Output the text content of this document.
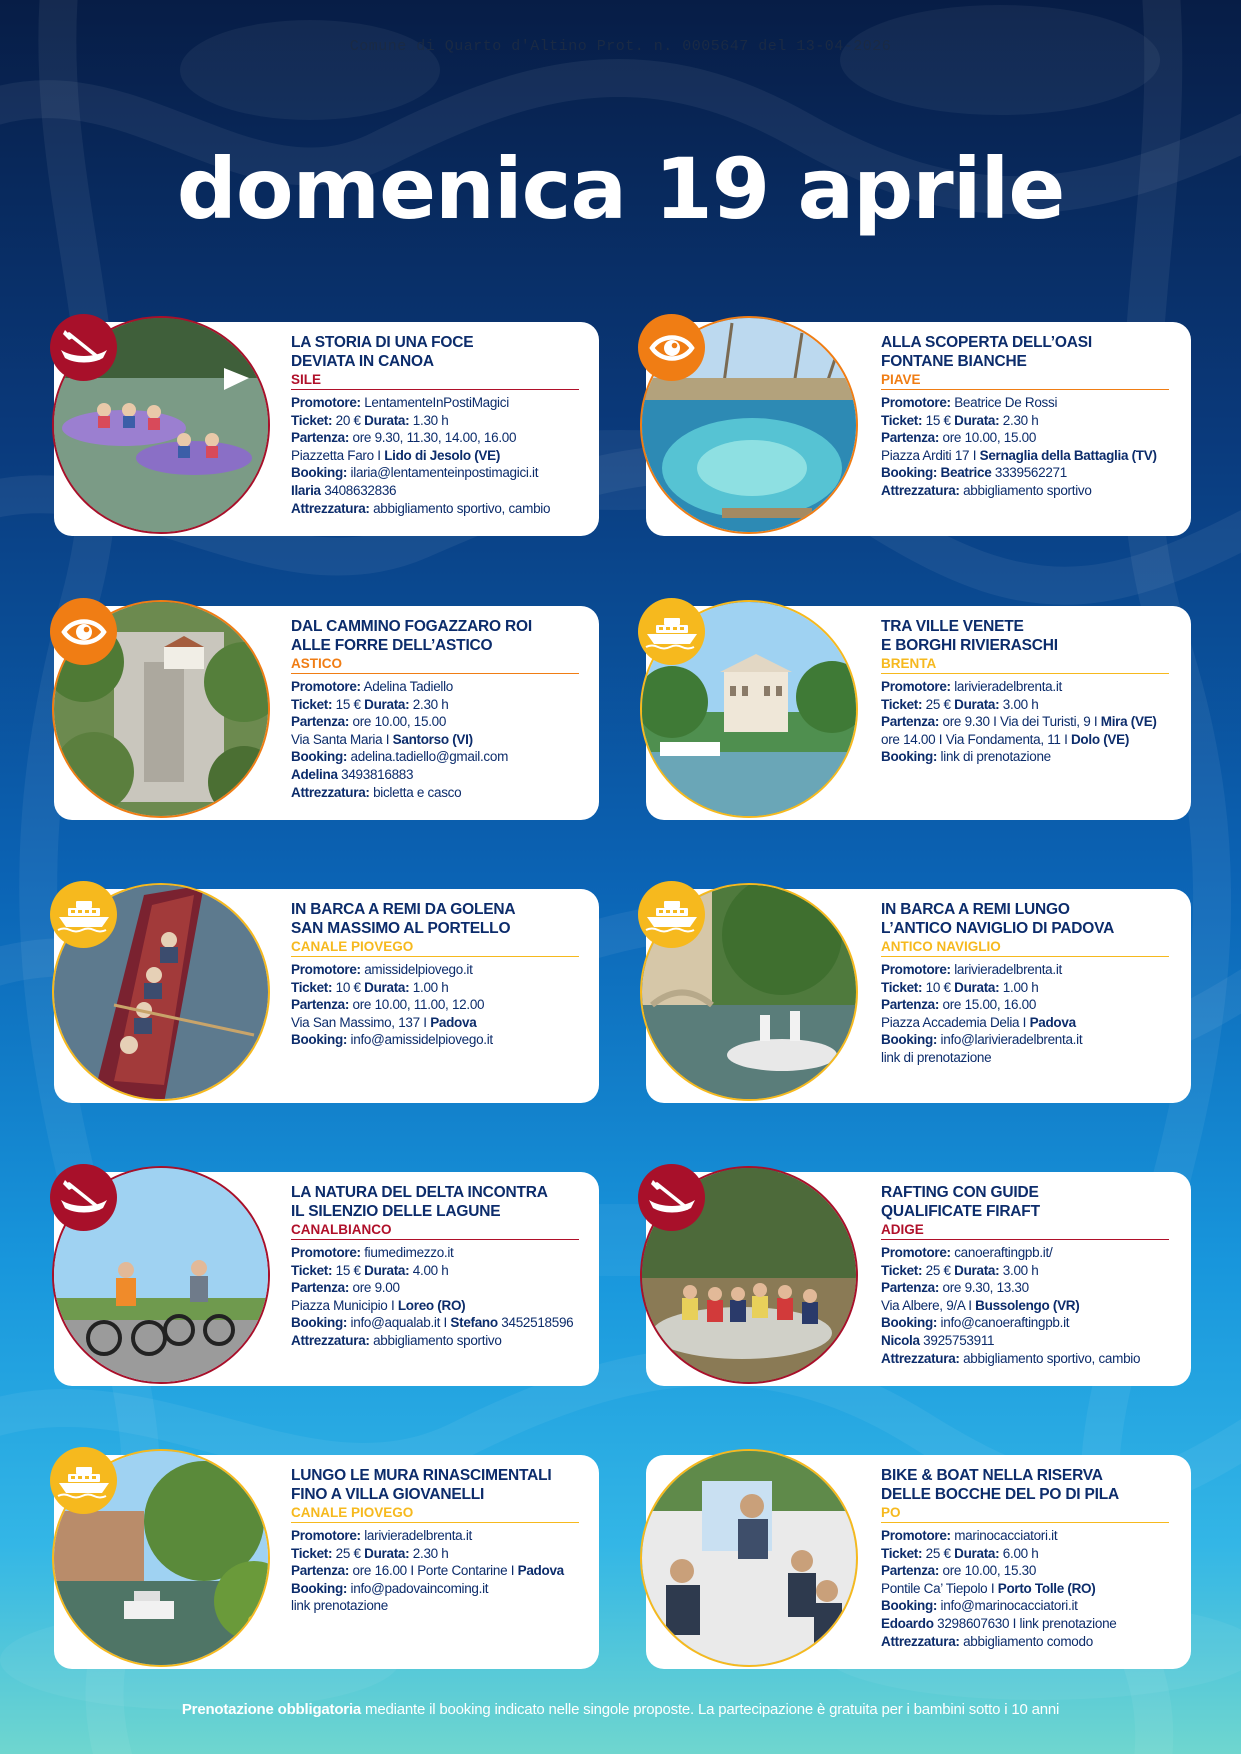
Comune di Quarto d'Altino Prot. n. 0005647 del 13-04-2026
domenica 19 aprile
LA STORIA DI UNA FOCE
DEVIATA IN CANOA
SILE
Promotore: LentamenteInPostiMagici
Ticket: 20 € Durata: 1.30 h
Partenza: ore 9.30, 11.30, 14.00, 16.00
Piazzetta Faro I Lido di Jesolo (VE)
Booking: ilaria@lentamenteinpostimagici.it
Ilaria 3408632836
Attrezzatura: abbigliamento sportivo, cambio
ALLA SCOPERTA DELL’OASI
FONTANE BIANCHE
PIAVE
Promotore: Beatrice De Rossi
Ticket: 15 € Durata: 2.30 h
Partenza: ore 10.00, 15.00
Piazza Arditi 17 I Sernaglia della Battaglia (TV)
Booking: Beatrice 3339562271
Attrezzatura: abbigliamento sportivo
DAL CAMMINO FOGAZZARO ROI
ALLE FORRE DELL’ASTICO
ASTICO
Promotore: Adelina Tadiello
Ticket: 15 € Durata: 2.30 h
Partenza: ore 10.00, 15.00
Via Santa Maria I Santorso (VI)
Booking: adelina.tadiello@gmail.com
Adelina 3493816883
Attrezzatura: bicletta e casco
TRA VILLE VENETE
E BORGHI RIVIERASCHI
BRENTA
Promotore: larivieradelbrenta.it
Ticket: 25 € Durata: 3.00 h
Partenza: ore 9.30 I Via dei Turisti, 9 I Mira (VE)
ore 14.00 I Via Fondamenta, 11 I Dolo (VE)
Booking: link di prenotazione
IN BARCA A REMI DA GOLENA
SAN MASSIMO AL PORTELLO
CANALE PIOVEGO
Promotore: amissidelpiovego.it
Ticket: 10 € Durata: 1.00 h
Partenza: ore 10.00, 11.00, 12.00
Via San Massimo, 137 I Padova
Booking: info@amissidelpiovego.it
IN BARCA A REMI LUNGO
L’ANTICO NAVIGLIO DI PADOVA
ANTICO NAVIGLIO
Promotore: larivieradelbrenta.it
Ticket: 10 € Durata: 1.00 h
Partenza: ore 15.00, 16.00
Piazza Accademia Delia I Padova
Booking: info@larivieradelbrenta.it
link di prenotazione
LA NATURA DEL DELTA INCONTRA
IL SILENZIO DELLE LAGUNE
CANALBIANCO
Promotore: fiumedimezzo.it
Ticket: 15 € Durata: 4.00 h
Partenza: ore 9.00
Piazza Municipio I Loreo (RO)
Booking: info@aqualab.it I Stefano 3452518596
Attrezzatura: abbigliamento sportivo
RAFTING CON GUIDE
QUALIFICATE FIRAFT
ADIGE
Promotore: canoeraftingpb.it/
Ticket: 25 € Durata: 3.00 h
Partenza: ore 9.30, 13.30
Via Albere, 9/A I Bussolengo (VR)
Booking: info@canoeraftingpb.it
Nicola 3925753911
Attrezzatura: abbigliamento sportivo, cambio
LUNGO LE MURA RINASCIMENTALI
FINO A VILLA GIOVANELLI
CANALE PIOVEGO
Promotore: larivieradelbrenta.it
Ticket: 25 € Durata: 2.30 h
Partenza: ore 16.00 I Porte Contarine I Padova
Booking: info@padovaincoming.it
link prenotazione
BIKE & BOAT NELLA RISERVA
DELLE BOCCHE DEL PO DI PILA
PO
Promotore: marinocacciatori.it
Ticket: 25 € Durata: 6.00 h
Partenza: ore 10.00, 15.30
Pontile Ca’ Tiepolo I Porto Tolle (RO)
Booking: info@marinocacciatori.it
Edoardo 3298607630 I link prenotazione
Attrezzatura: abbigliamento comodo
Prenotazione obbligatoria mediante il booking indicato nelle singole proposte. La partecipazione è gratuita per i bambini sotto i 10 anni
